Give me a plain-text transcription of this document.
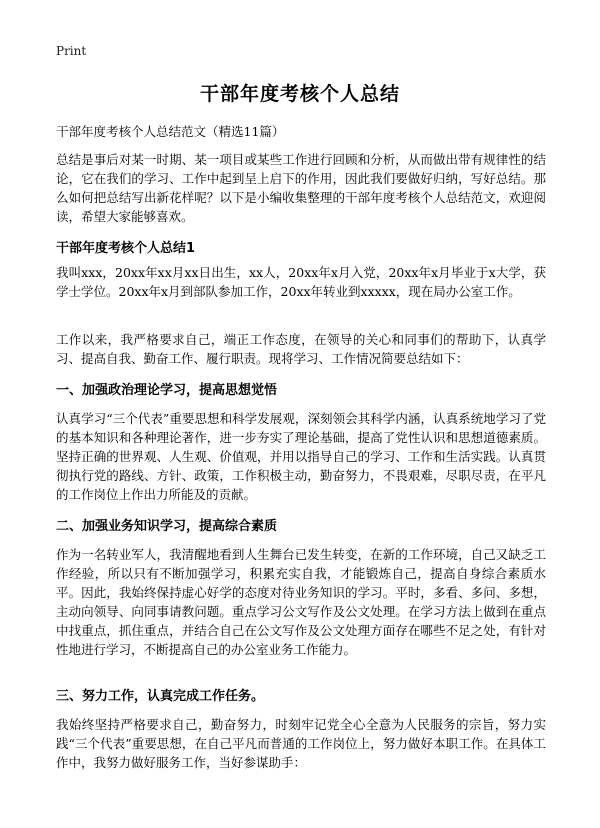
Print
干部年度考核个人总结
干部年度考核个人总结范文（精选11篇）

总结是事后对某一时期、某一项目或某些工作进行回顾和分析，从而做出带有规律性的结论，它在我们的学习、工作中起到呈上启下的作用，因此我们要做好归纳，写好总结。那么如何把总结写出新花样呢？以下是小编收集整理的干部年度考核个人总结范文，欢迎阅读，希望大家能够喜欢。

干部年度考核个人总结1

我叫xxx，20xx年xx月xx日出生，xx人，20xx年x月入党，20xx年x月毕业于x大学，获学士学位。20xx年x月到部队参加工作，20xx年转业到xxxxx，现在局办公室工作。

工作以来，我严格要求自己，端正工作态度，在领导的关心和同事们的帮助下，认真学习、提高自我、勤奋工作、履行职责。现将学习、工作情况简要总结如下：

一、加强政治理论学习，提高思想觉悟

认真学习“三个代表”重要思想和科学发展观，深刻领会其科学内涵，认真系统地学习了党的基本知识和各种理论著作，进一步夯实了理论基础，提高了党性认识和思想道德素质。坚持正确的世界观、人生观、价值观，并用以指导自己的学习、工作和生活实践。认真贯彻执行党的路线、方针、政策，工作积极主动，勤奋努力，不畏艰难，尽职尽责，在平凡的工作岗位上作出力所能及的贡献。

二、加强业务知识学习，提高综合素质

作为一名转业军人，我清醒地看到人生舞台已发生转变，在新的工作环境，自己又缺乏工作经验，所以只有不断加强学习，积累充实自我，才能锻炼自己，提高自身综合素质水平。因此，我始终保持虚心好学的态度对待业务知识的学习。平时，多看、多问、多想，主动向领导、向同事请教问题。重点学习公文写作及公文处理。在学习方法上做到在重点中找重点，抓住重点，并结合自己在公文写作及公文处理方面存在哪些不足之处，有针对性地进行学习，不断提高自己的办公室业务工作能力。

三、努力工作，认真完成工作任务。

我始终坚持严格要求自己，勤奋努力，时刻牢记党全心全意为人民服务的宗旨，努力实践“三个代表”重要思想，在自己平凡而普通的工作岗位上，努力做好本职工作。在具体工作中，我努力做好服务工作，当好参谋助手：
